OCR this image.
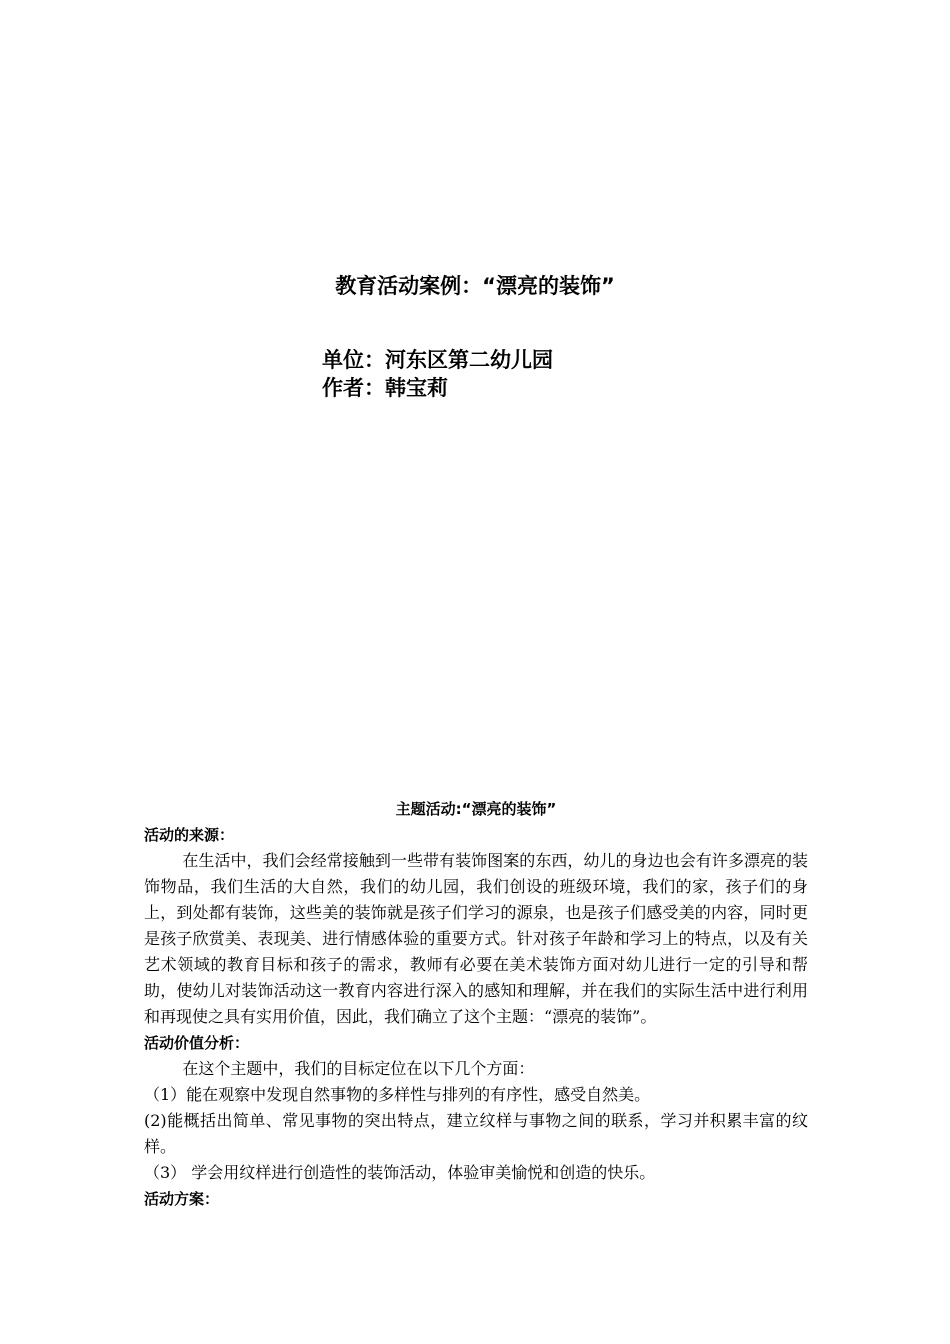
教育活动案例：“漂亮的装饰”
单位：河东区第二幼儿园
作者：韩宝莉
主题活动:“漂亮的装饰”
活动的来源：

在生活中，我们会经常接触到一些带有装饰图案的东西，幼儿的身边也会有许多漂亮的装饰物品，我们生活的大自然，我们的幼儿园，我们创设的班级环境，我们的家，孩子们的身上，到处都有装饰，这些美的装饰就是孩子们学习的源泉，也是孩子们感受美的内容，同时更是孩子欣赏美、表现美、进行情感体验的重要方式。针对孩子年龄和学习上的特点，以及有关艺术领域的教育目标和孩子的需求，教师有必要在美术装饰方面对幼儿进行一定的引导和帮助，使幼儿对装饰活动这一教育内容进行深入的感知和理解，并在我们的实际生活中进行利用和再现使之具有实用价值，因此，我们确立了这个主题：“漂亮的装饰”。

活动价值分析：

在这个主题中，我们的目标定位在以下几个方面：

（1）能在观察中发现自然事物的多样性与排列的有序性，感受自然美。

(2)能概括出简单、常见事物的突出特点，建立纹样与事物之间的联系，学习并积累丰富的纹样。

（3） 学会用纹样进行创造性的装饰活动，体验审美愉悦和创造的快乐。

活动方案：
